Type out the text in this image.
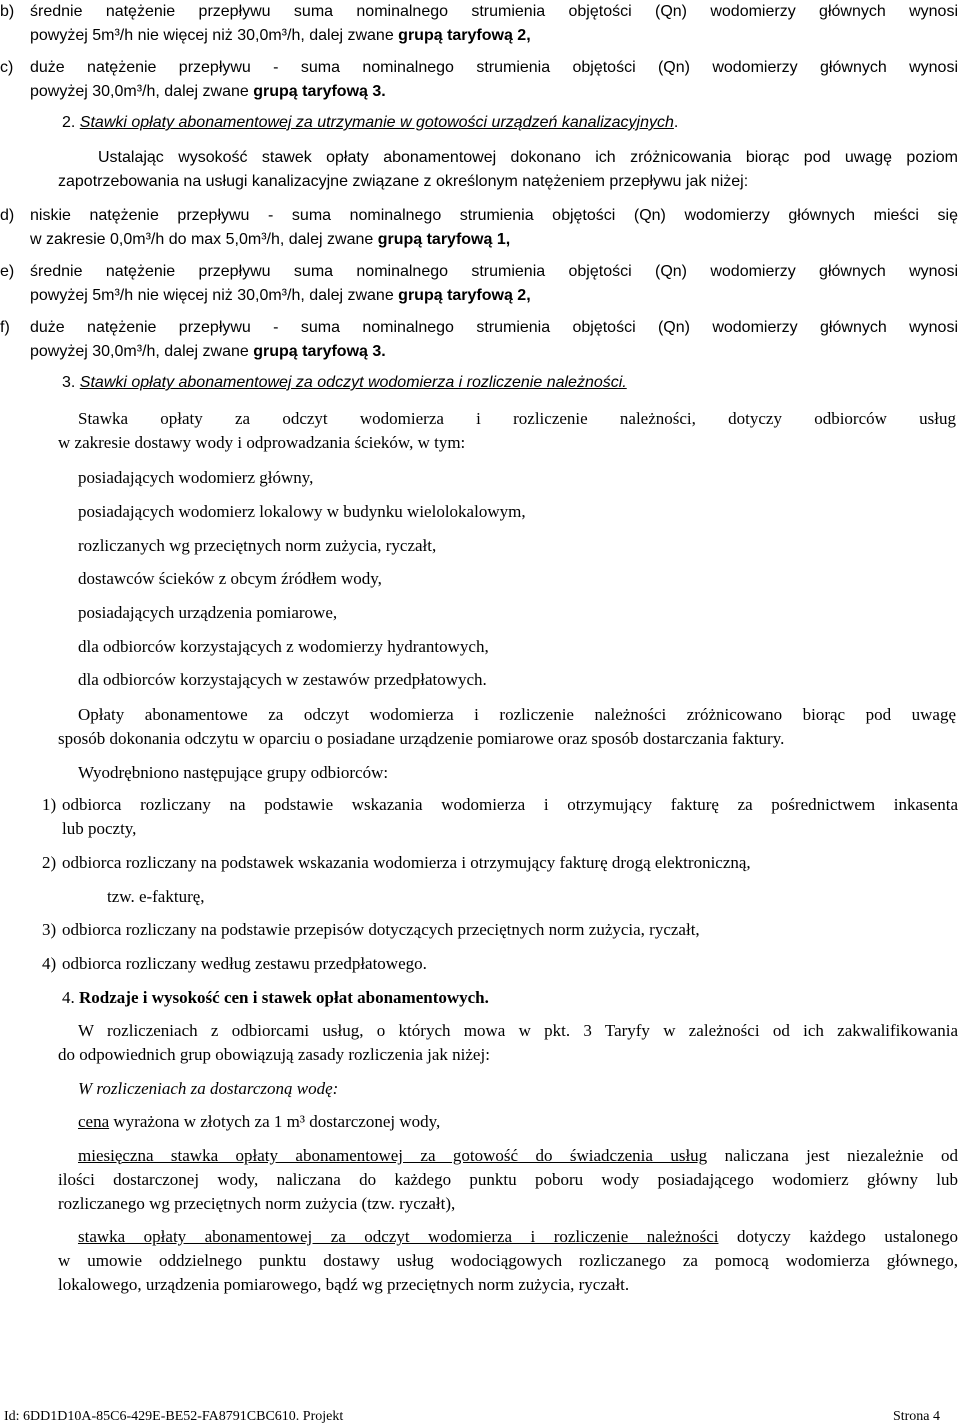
b) średnie natężenie przepływu suma nominalnego strumienia objętości (Qn) wodomierzy głównych wynosi
powyżej 5m³/h nie więcej niż 30,0m³/h, dalej zwane grupą taryfową 2,
c) duże natężenie przepływu - suma nominalnego strumienia objętości (Qn) wodomierzy głównych wynosi
powyżej 30,0m³/h, dalej zwane grupą taryfową 3.
2. Stawki opłaty abonamentowej za utrzymanie w gotowości urządzeń kanalizacyjnych.
Ustalając wysokość stawek opłaty abonamentowej dokonano ich zróżnicowania biorąc pod uwagę poziom
zapotrzebowania na usługi kanalizacyjne związane z określonym natężeniem przepływu jak niżej:
d) niskie natężenie przepływu - suma nominalnego strumienia objętości (Qn) wodomierzy głównych mieści się
w zakresie 0,0m³/h do max 5,0m³/h, dalej zwane grupą taryfową 1,
e) średnie natężenie przepływu suma nominalnego strumienia objętości (Qn) wodomierzy głównych wynosi
powyżej 5m³/h nie więcej niż 30,0m³/h, dalej zwane grupą taryfową 2,
f) duże natężenie przepływu - suma nominalnego strumienia objętości (Qn) wodomierzy głównych wynosi
powyżej 30,0m³/h, dalej zwane grupą taryfową 3.
3. Stawki opłaty abonamentowej za odczyt wodomierza i rozliczenie należności.
Stawka opłaty za odczyt wodomierza i rozliczenie należności, dotyczy odbiorców usług
w zakresie dostawy wody i odprowadzania ścieków, w tym:
posiadających wodomierz główny,
posiadających wodomierz lokalowy w budynku wielolokalowym,
rozliczanych wg przeciętnych norm zużycia, ryczałt,
dostawców ścieków z obcym źródłem wody,
posiadających urządzenia pomiarowe,
dla odbiorców korzystających z wodomierzy hydrantowych,
dla odbiorców korzystających w zestawów przedpłatowych.
Opłaty abonamentowe za odczyt wodomierza i rozliczenie należności zróżnicowano biorąc pod uwagę
sposób dokonania odczytu w oparciu o posiadane urządzenie pomiarowe oraz sposób dostarczania faktury.
Wyodrębniono następujące grupy odbiorców:
1) odbiorca rozliczany na podstawie wskazania wodomierza i otrzymujący fakturę za pośrednictwem inkasenta
lub poczty,
2) odbiorca rozliczany na podstawek wskazania wodomierza i otrzymujący fakturę drogą elektroniczną,
tzw. e-fakturę,
3) odbiorca rozliczany na podstawie przepisów dotyczących przeciętnych norm zużycia, ryczałt,
4) odbiorca rozliczany według zestawu przedpłatowego.
4. Rodzaje i wysokość cen i stawek opłat abonamentowych.
W rozliczeniach z odbiorcami usług, o których mowa w pkt. 3 Taryfy w zależności od ich zakwalifikowania
do odpowiednich grup obowiązują zasady rozliczenia jak niżej:
W rozliczeniach za dostarczoną wodę:
cena wyrażona w złotych za 1 m³ dostarczonej wody,
miesięczna stawka opłaty abonamentowej za gotowość do świadczenia usług naliczana jest niezależnie od
ilości dostarczonej wody, naliczana do każdego punktu poboru wody posiadającego wodomierz główny lub
rozliczanego wg przeciętnych norm zużycia (tzw. ryczałt),
stawka opłaty abonamentowej za odczyt wodomierza i rozliczenie należności dotyczy każdego ustalonego
w umowie oddzielnego punktu dostawy usług wodociągowych rozliczanego za pomocą wodomierza głównego,
lokalowego, urządzenia pomiarowego, bądź wg przeciętnych norm zużycia, ryczałt.
Id: 6DD1D10A-85C6-429E-BE52-FA8791CBC610. Projekt	Strona 4
